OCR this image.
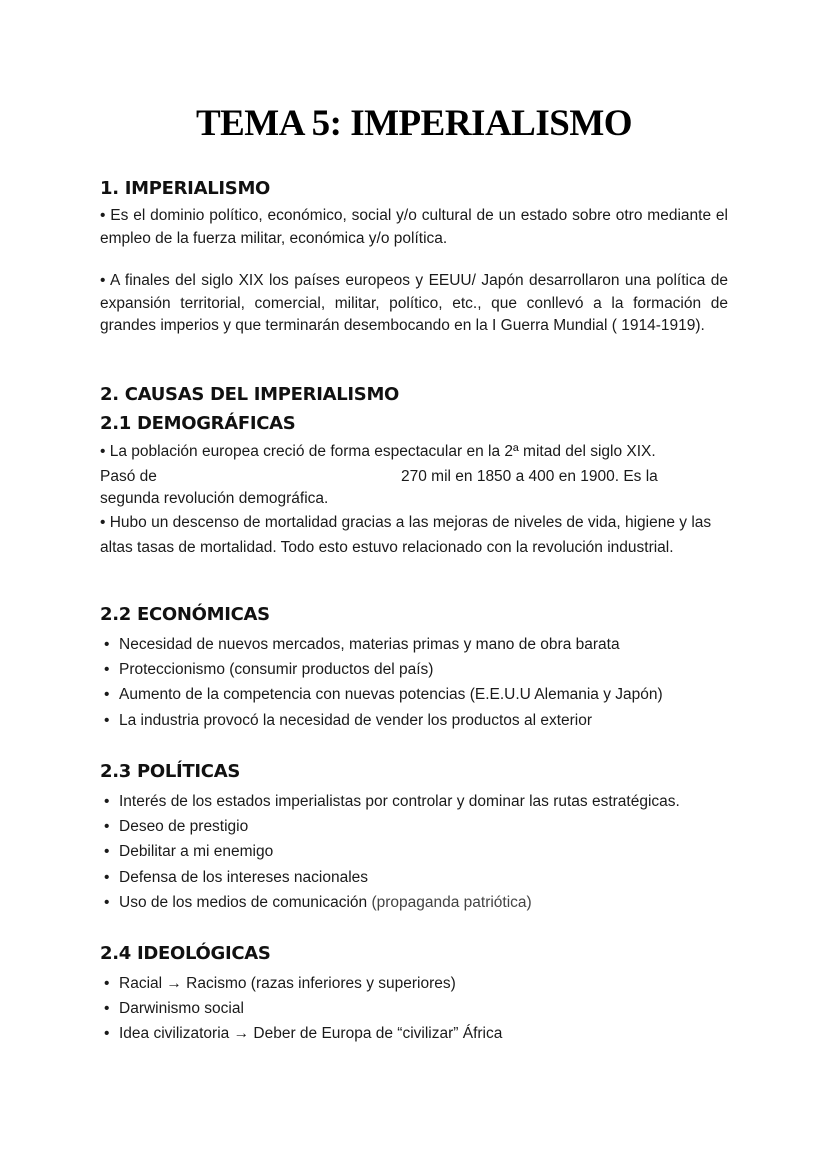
TEMA 5: IMPERIALISMO
1. IMPERIALISMO
• Es el dominio político, económico, social y/o cultural de un estado sobre otro mediante el empleo de la fuerza militar, económica y/o política.
• A finales del siglo XIX los países europeos y EEUU/ Japón desarrollaron una política de expansión territorial, comercial, militar, político, etc., que conllevó a la formación de grandes imperios y que terminarán desembocando en la I Guerra Mundial ( 1914-1919).
2. CAUSAS DEL IMPERIALISMO
2.1 DEMOGRÁFICAS
• La población europea creció de forma espectacular en la 2ª mitad del siglo XIX.
Pasó de	270 mil en 1850 a 400 en 1900. Es la
segunda revolución demográfica.
• Hubo un descenso de mortalidad gracias a las mejoras de niveles de vida, higiene y las altas tasas de mortalidad. Todo esto estuvo relacionado con la revolución industrial.
2.2 ECONÓMICAS
• Necesidad de nuevos mercados, materias primas y mano de obra barata
• Proteccionismo (consumir productos del país)
• Aumento de la competencia con nuevas potencias (E.E.U.U Alemania y Japón)
• La industria provocó la necesidad de vender los productos al exterior
2.3 POLÍTICAS
• Interés de los estados imperialistas por controlar y dominar las rutas estratégicas.
• Deseo de prestigio
• Debilitar a mi enemigo
• Defensa de los intereses nacionales
• Uso de los medios de comunicación (propaganda patriótica)
2.4 IDEOLÓGICAS
• Racial → Racismo (razas inferiores y superiores)
• Darwinismo social
• Idea civilizatoria → Deber de Europa de “civilizar” África
